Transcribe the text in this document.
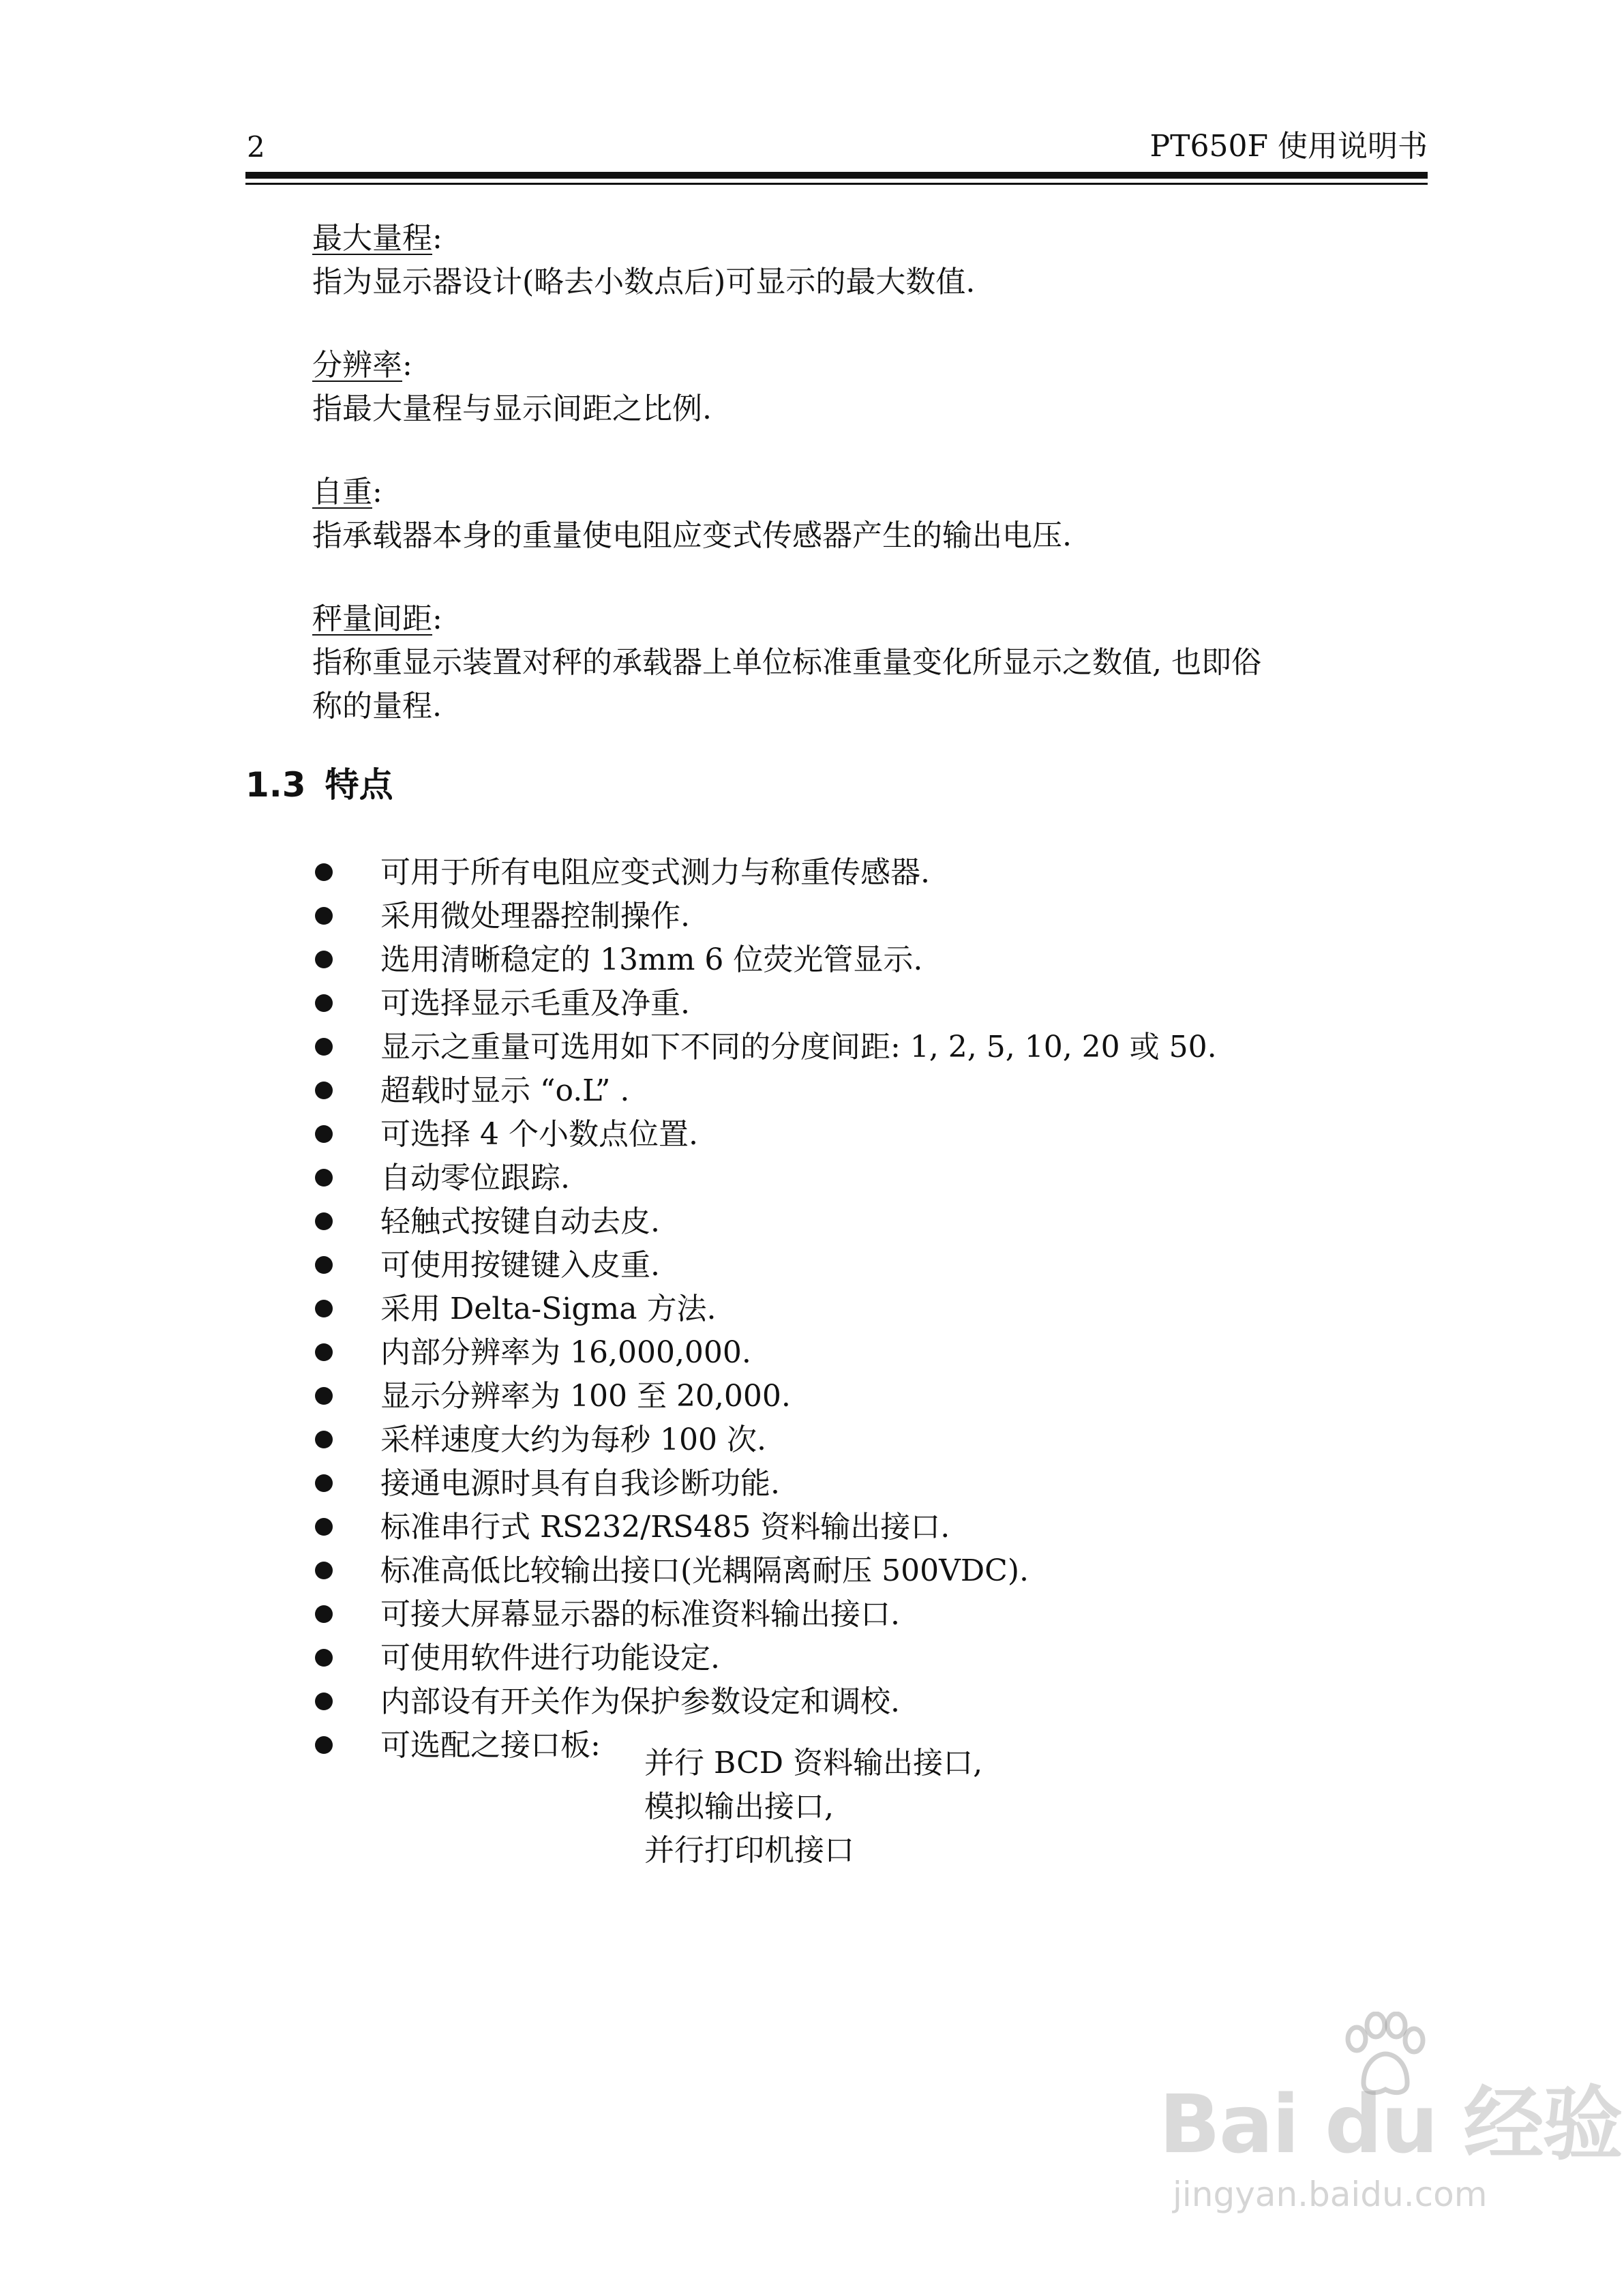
2	PT650F 使用说明书
最大量程:
指为显示器设计(略去小数点后)可显示的最大数值.
分辨率:
指最大量程与显示间距之比例.
自重:
指承载器本身的重量使电阻应变式传感器产生的输出电压.
秤量间距:
指称重显示装置对秤的承载器上单位标准重量变化所显示之数值, 也即俗
称的量程.
1.3 特点
可用于所有电阻应变式测力与称重传感器.
采用微处理器控制操作.
选用清晰稳定的 13mm 6 位荧光管显示.
可选择显示毛重及净重.
显示之重量可选用如下不同的分度间距: 1, 2, 5, 10, 20 或 50.
超载时显示 “o.L” .
可选择 4 个小数点位置.
自动零位跟踪.
轻触式按键自动去皮.
可使用按键键入皮重.
采用 Delta-Sigma 方法.
内部分辨率为 16,000,000.
显示分辨率为 100 至 20,000.
采样速度大约为每秒 100 次.
接通电源时具有自我诊断功能.
标准串行式 RS232/RS485 资料输出接口.
标准高低比较输出接口(光耦隔离耐压 500VDC).
可接大屏幕显示器的标准资料输出接口.
可使用软件进行功能设定.
内部设有开关作为保护参数设定和调校.
可选配之接口板:
并行 BCD 资料输出接口,
模拟输出接口,
并行打印机接口
Bai du 经验
jingyan.baidu.com
